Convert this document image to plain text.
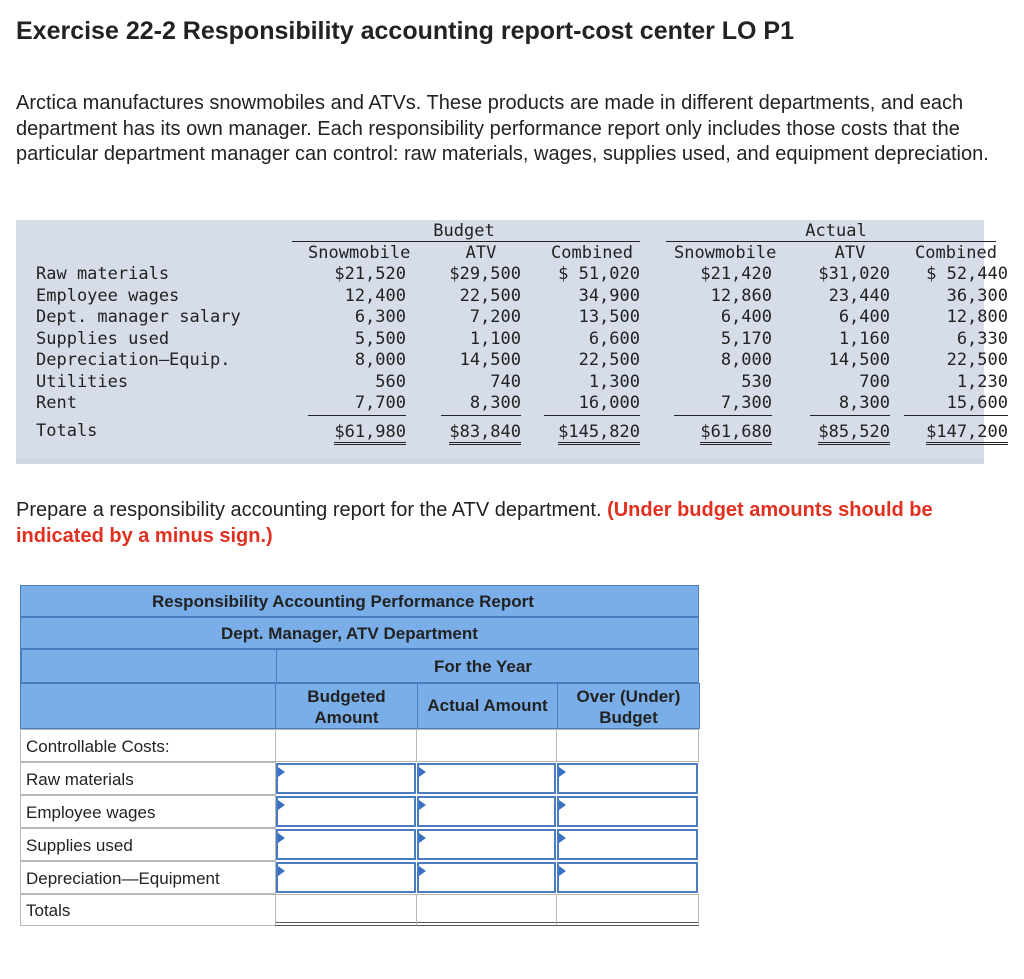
Exercise 22-2 Responsibility accounting report-cost center LO P1

Arctica manufactures snowmobiles and ATVs. These products are made in different departments, and each department has its own manager. Each responsibility performance report only includes those costs that the particular department manager can control: raw materials, wages, supplies used, and equipment depreciation.

Budget	Actual
Raw materials
Employee wages
Dept. manager salary
Supplies used
Depreciation—Equip.
Utilities
Rent
Totals
Snowmobile
$21,520
12,400
6,300
5,500
8,000
560
7,700
$61,980
ATV
$29,500
22,500
7,200
1,100
14,500
740
8,300
$83,840
Combined
$ 51,020
34,900
13,500
6,600
22,500
1,300
16,000
$145,820
Snowmobile
$21,420
12,860
6,400
5,170
8,000
530
7,300
$61,680
ATV
$31,020
23,440
6,400
1,160
14,500
700
8,300
$85,520
Combined
$ 52,440
36,300
12,800
6,330
22,500
1,230
15,600
$147,200

Prepare a responsibility accounting report for the ATV department. (Under budget amounts should be indicated by a minus sign.)

Responsibility Accounting Performance Report
Dept. Manager, ATV Department
For the Year
Budgeted
Amount
Actual Amount	Over (Under)
Budget
Controllable Costs:
Raw materials
Employee wages
Supplies used
Depreciation—Equipment
Totals
